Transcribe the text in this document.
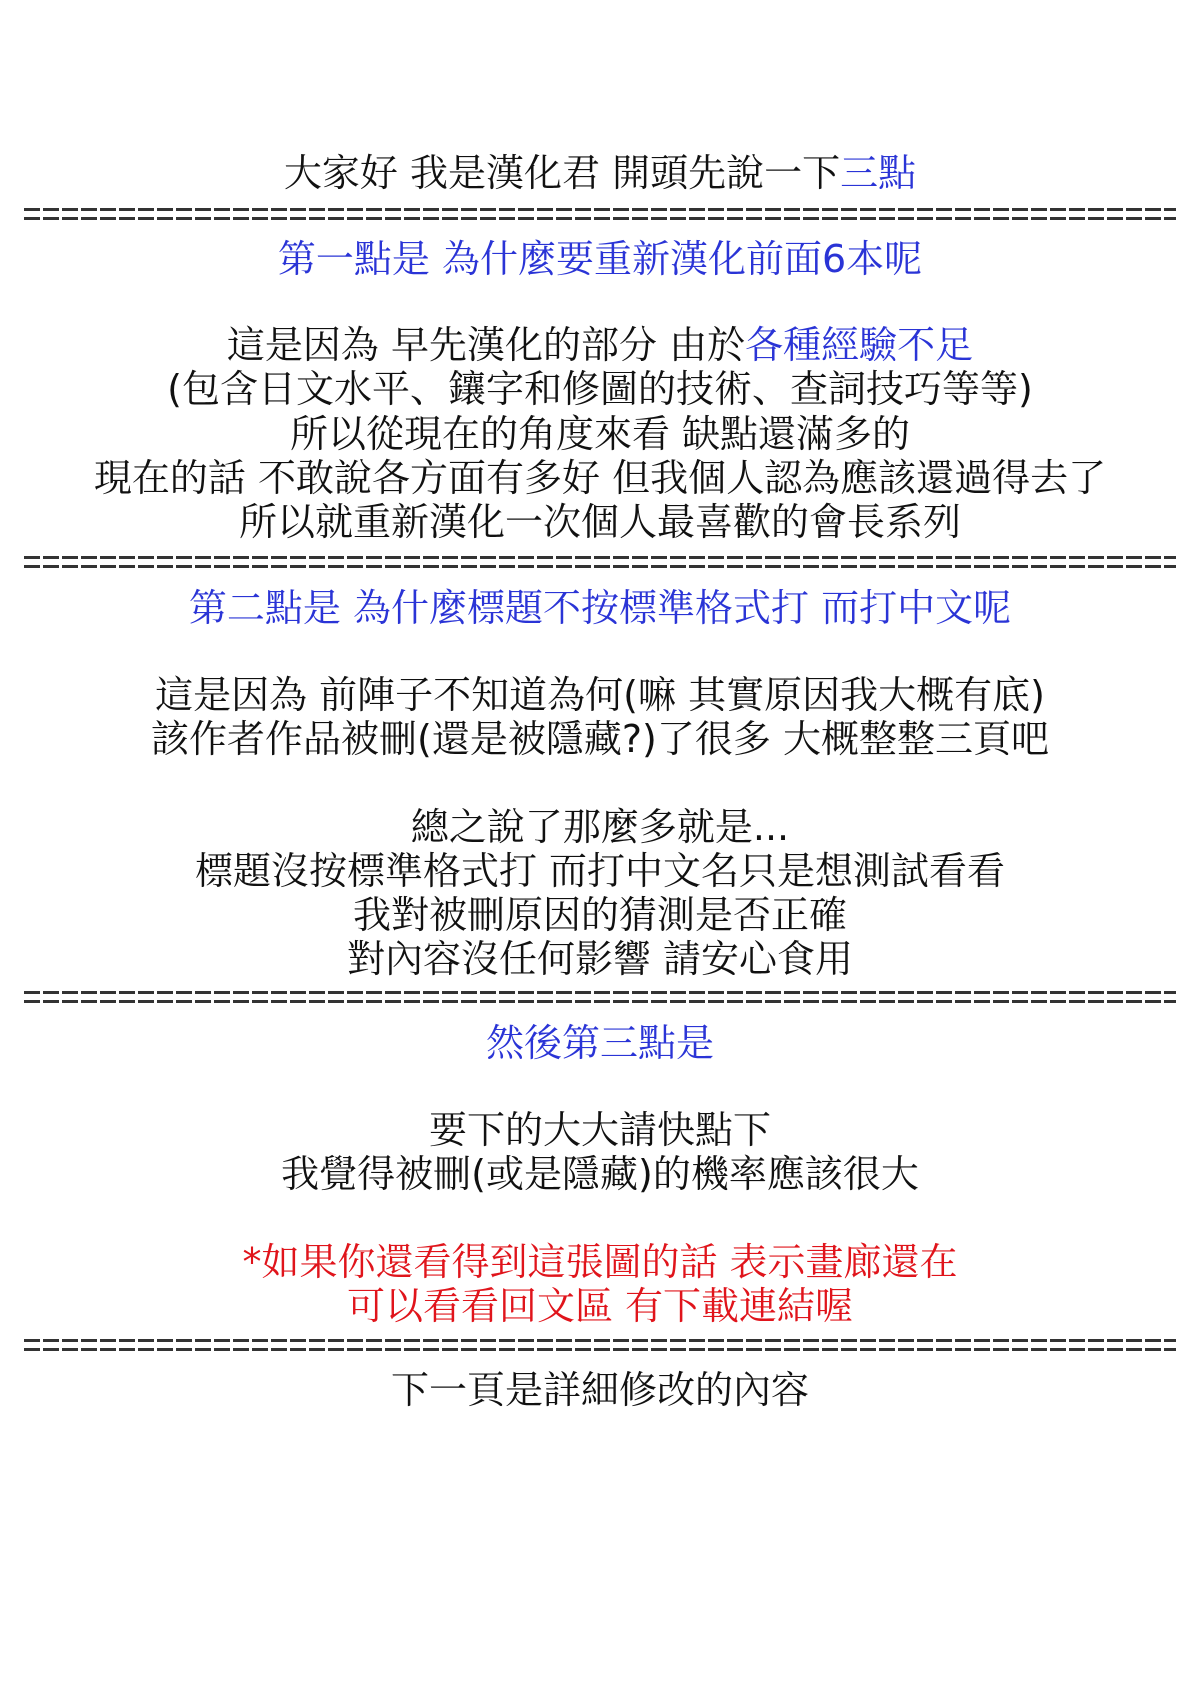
大家好 我是漢化君 開頭先說一下三點
第一點是 為什麼要重新漢化前面6本呢
這是因為 早先漢化的部分 由於各種經驗不足
(包含日文水平、鑲字和修圖的技術、查詞技巧等等)
所以從現在的角度來看 缺點還滿多的
現在的話 不敢說各方面有多好 但我個人認為應該還過得去了
所以就重新漢化一次個人最喜歡的會長系列
第二點是 為什麼標題不按標準格式打 而打中文呢
這是因為 前陣子不知道為何(嘛 其實原因我大概有底)
該作者作品被刪(還是被隱藏?)了很多 大概整整三頁吧
總之說了那麼多就是...
標題沒按標準格式打 而打中文名只是想測試看看
我對被刪原因的猜測是否正確
對內容沒任何影響 請安心食用
然後第三點是
要下的大大請快點下
我覺得被刪(或是隱藏)的機率應該很大
*如果你還看得到這張圖的話 表示畫廊還在
可以看看回文區 有下載連結喔
下一頁是詳細修改的內容
